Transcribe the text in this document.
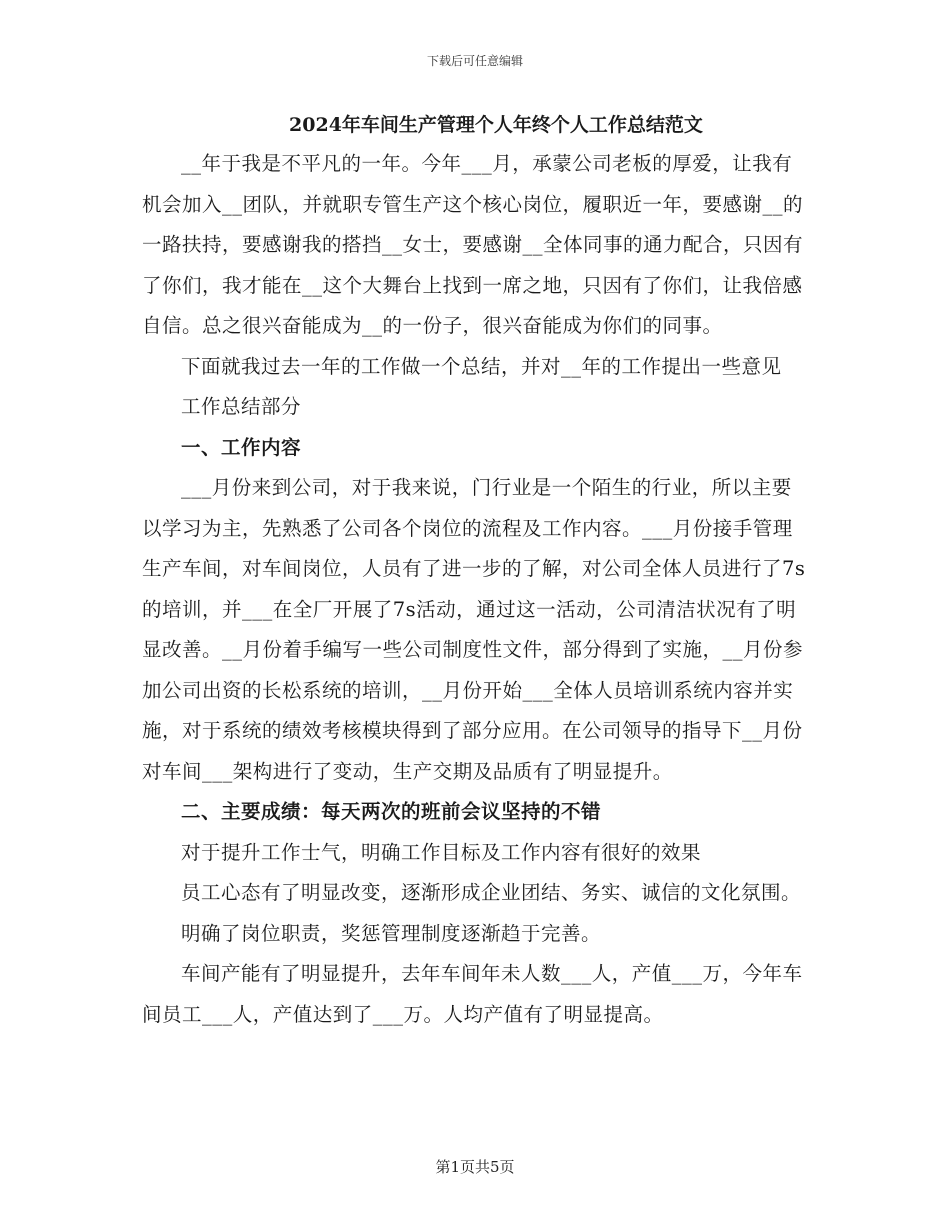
下载后可任意编辑
2024年车间生产管理个人年终个人工作总结范文

__年于我是不平凡的一年。今年___月，承蒙公司老板的厚爱，让我有机会加入__团队，并就职专管生产这个核心岗位，履职近一年，要感谢__的一路扶持，要感谢我的搭挡__女士，要感谢__全体同事的通力配合，只因有了你们，我才能在__这个大舞台上找到一席之地，只因有了你们，让我倍感自信。总之很兴奋能成为__的一份子，很兴奋能成为你们的同事。

下面就我过去一年的工作做一个总结，并对__年的工作提出一些意见

工作总结部分

一、工作内容

___月份来到公司，对于我来说，门行业是一个陌生的行业，所以主要以学习为主，先熟悉了公司各个岗位的流程及工作内容。___月份接手管理生产车间，对车间岗位，人员有了进一步的了解，对公司全体人员进行了7s的培训，并___在全厂开展了7s活动，通过这一活动，公司清洁状况有了明显改善。__月份着手编写一些公司制度性文件，部分得到了实施，__月份参加公司出资的长松系统的培训，__月份开始___全体人员培训系统内容并实施，对于系统的绩效考核模块得到了部分应用。在公司领导的指导下__月份对车间___架构进行了变动，生产交期及品质有了明显提升。

二、主要成绩：每天两次的班前会议坚持的不错

对于提升工作士气，明确工作目标及工作内容有很好的效果

员工心态有了明显改变，逐渐形成企业团结、务实、诚信的文化氛围。

明确了岗位职责，奖惩管理制度逐渐趋于完善。

车间产能有了明显提升，去年车间年未人数___人，产值___万，今年车间员工___人，产值达到了___万。人均产值有了明显提高。

第1页共5页
